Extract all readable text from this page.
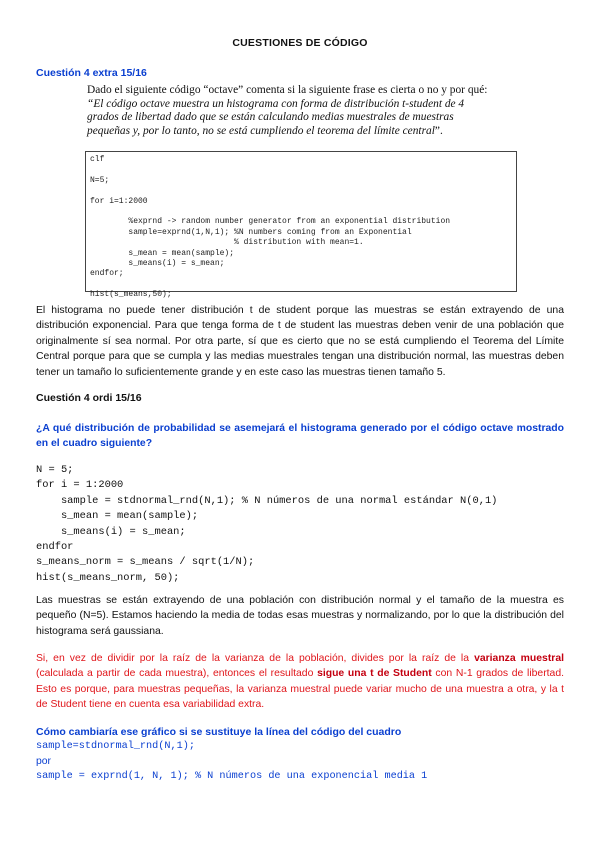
CUESTIONES DE CÓDIGO
Cuestión 4 extra 15/16
Dado el siguiente código “octave” comenta si la siguiente frase es cierta o no y por qué:
“El código octave muestra un histograma con forma de distribución t-student de 4
grados de libertad dado que se están calculando medias muestrales de muestras
pequeñas y, por lo tanto, no se está cumpliendo el teorema del límite central”.
clf

N=5;

for i=1:2000

%exprnd -> random number generator from an exponential distribution
sample=exprnd(1,N,1); %N numbers coming from an Exponential
% distribution with mean=1.
s_mean = mean(sample);
s_means(i) = s_mean;
endfor;

hist(s_means,50);
El histograma no puede tener distribución t de student porque las muestras se están extrayendo de una distribución exponencial. Para que tenga forma de t de student las muestras deben venir de una población que originalmente sí sea normal. Por otra parte, sí que es cierto que no se está cumpliendo el Teorema del Límite Central porque para que se cumpla y las medias muestrales tengan una distribución normal, las muestras deben tener un tamaño lo suficientemente grande y en este caso las muestras tienen tamaño 5.
Cuestión 4 ordi 15/16
¿A qué distribución de probabilidad se asemejará el histograma generado por el código octave mostrado en el cuadro siguiente?
N = 5;
for i = 1:2000
sample = stdnormal_rnd(N,1); % N números de una normal estándar N(0,1)
s_mean = mean(sample);
s_means(i) = s_mean;
endfor
s_means_norm = s_means / sqrt(1/N);
hist(s_means_norm, 50);
Las muestras se están extrayendo de una población con distribución normal y el tamaño de la muestra es pequeño (N=5). Estamos haciendo la media de todas esas muestras y normalizando, por lo que la distribución del histograma será gaussiana.
Si, en vez de dividir por la raíz de la varianza de la población, divides por la raíz de la varianza muestral (calculada a partir de cada muestra), entonces el resultado sigue una t de Student con N-1 grados de libertad. Esto es porque, para muestras pequeñas, la varianza muestral puede variar mucho de una muestra a otra, y la t de Student tiene en cuenta esa variabilidad extra.
Cómo cambiaría ese gráfico si se sustituye la línea del código del cuadro
sample=stdnormal_rnd(N,1);
por
sample = exprnd(1, N, 1); % N números de una exponencial media 1
